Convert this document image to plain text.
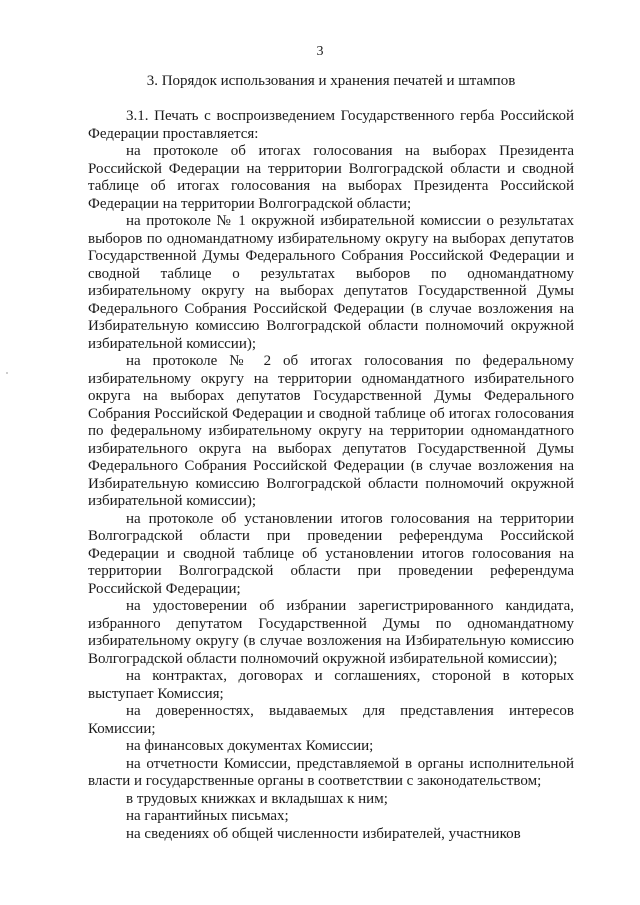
3
3. Порядок использования и хранения печатей и штампов

3.1. Печать с воспроизведением Государственного герба Российской Федерации проставляется:

на протоколе об итогах голосования на выборах Президента Российской Федерации на территории Волгоградской области и сводной таблице об итогах голосования на выборах Президента Российской Федерации на территории Волгоградской области;

на протоколе № 1 окружной избирательной комиссии о результатах выборов по одномандатному избирательному округу на выборах депутатов Государственной Думы Федерального Собрания Российской Федерации и сводной таблице о результатах выборов по одномандатному избирательному округу на выборах депутатов Государственной Думы Федерального Собрания Российской Федерации (в случае возложения на Избирательную комиссию Волгоградской области полномочий окружной избирательной комиссии);

на протоколе № 2 об итогах голосования по федеральному избирательному округу на территории одномандатного избирательного округа на выборах депутатов Государственной Думы Федерального Собрания Российской Федерации и сводной таблице об итогах голосования по федеральному избирательному округу на территории одномандатного избирательного округа на выборах депутатов Государственной Думы Федерального Собрания Российской Федерации (в случае возложения на Избирательную комиссию Волгоградской области полномочий окружной избирательной комиссии);

на протоколе об установлении итогов голосования на территории Волгоградской области при проведении референдума Российской Федерации и сводной таблице об установлении итогов голосования на территории Волгоградской области при проведении референдума Российской Федерации;

на удостоверении об избрании зарегистрированного кандидата, избранного депутатом Государственной Думы по одномандатному избирательному округу (в случае возложения на Избирательную комиссию Волгоградской области полномочий окружной избирательной комиссии);

на контрактах, договорах и соглашениях, стороной в которых выступает Комиссия;

на доверенностях, выдаваемых для представления интересов Комиссии;

на финансовых документах Комиссии;

на отчетности Комиссии, представляемой в органы исполнительной власти и государственные органы в соответствии с законодательством;

в трудовых книжках и вкладышах к ним;

на гарантийных письмах;

на сведениях об общей численности избирателей, участников
